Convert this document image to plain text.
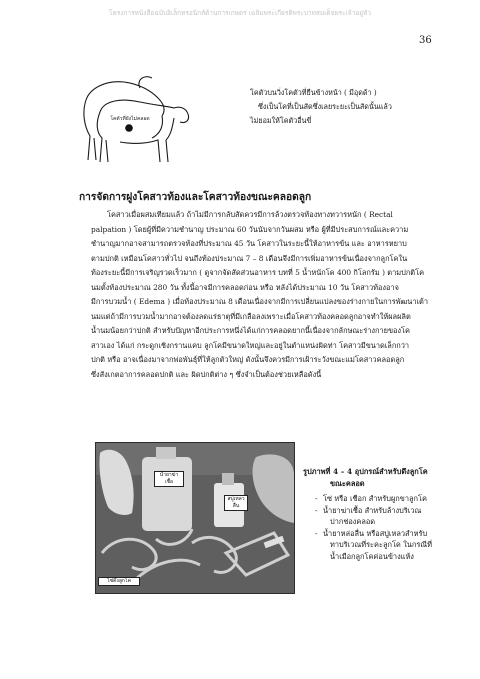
โครงการหนังสือฉบับอิเล็กทรอนิกส์ด้านการเกษตร เฉลิมพระเกียรติพระบาทสมเด็จพระเจ้าอยู่หัว
36
โคตัวที่ยังไม่คลอด
โคตัวบนวิ่งโคตัวที่ยืนข้างหน้า ( มีอุดด้า )
ซึ่งเป็นโคที่เป็นสัดซึ่งเลยระยะเป็นสัดนั้นแล้ว
ไม่ยอมให้โคตัวอื่นขี่
การจัดการฝูงโคสาวท้องและโคสาวท้องขณะคลอดลูก
โคสาวเมื่อผสมเทียมแล้ว ถ้าไม่มีการกลับสัดควรมีการล้วงตรวจท้องทางทวารหนัก ( Rectal
palpation ) โดยผู้ที่มีความชำนาญ ประมาณ 60 วันนับจากวันผสม หรือ ผู้ที่มีประสบการณ์และความ
ชำนาญมากอาจสามารถตรวจท้องที่ประมาณ 45 วัน โคสาวในระยะนี้ให้อาหารข้น และ อาหารหยาบ
ตามปกติ เหมือนโคสาวทั่วไป จนถึงท้องประมาณ 7 – 8 เดือนจึงมีการเพิ่มอาหารข้นเนื่องจากลูกโคใน
ท้องระยะนี้มีการเจริญรวดเร็วมาก ( ดูจากจัดสัดส่วนอาหาร บทที่ 5 น้ำหนักโค 400 กิโลกรัม ) ตามปกติโค
นมตั้งท้องประมาณ 280 วัน ทั้งนี้อาจมีการคลอดก่อน หรือ หลังได้ประมาณ 10 วัน โคสาวท้องอาจ
มีการบวมน้ำ ( Edema ) เมื่อท้องประมาณ 8 เดือนเนื่องจากมีการเปลี่ยนแปลงของร่างกายในการพัฒนาเต้า
นมแต่ถ้ามีการบวมน้ำมากอาจต้องลดแร่ธาตุที่มีเกลือลงเพราะเมื่อโคสาวท้องคลอดลูกอาจทำให้ผลผลิต
น้ำนมน้อยกว่าปกติ สำหรับปัญหาอีกประการหนึ่งได้แก่การคลอดยากนี้เนื่องจากลักษณะร่างกายของโค
สาวเอง ได้แก่ กระดูกเชิงกรานแคบ ลูกโคมีขนาดใหญ่และอยู่ในตำแหน่งผิดท่า โคสาวมีขนาดเล็กกว่า
ปกติ หรือ อาจเนื่องมาจากพ่อพันธุ์ที่ให้ลูกตัวใหญ่ ดังนั้นจึงควรมีการเฝ้าระวังขณะแม่โคสาวคลอดลูก
ซึ่งสังเกตอาการคลอดปกติ และ ผิดปกติต่าง ๆ ซึ่งจำเป็นต้องช่วยเหลือดังนี้
น้ำยาฆ่า
เชื้อ
สบู่เหลวลื่น
โซ่ดึงลูกโค
รูปภาพที่ 4 – 4 อุปกรณ์สำหรับดึงลูกโค
ขณะคลอด
- โซ่ หรือ เชือก สำหรับผูกขาลูกโค
- น้ำยาฆ่าเชื้อ สำหรับล้างบริเวณ
ปากช่องคลอด
- น้ำยาหล่อลื่น หรือสบู่เหลวสำหรับ
ทาบริเวณที่ระคะลูกโค ในกรณีที่
น้ำเมือกลูกโคค่อนข้างแห้ง
